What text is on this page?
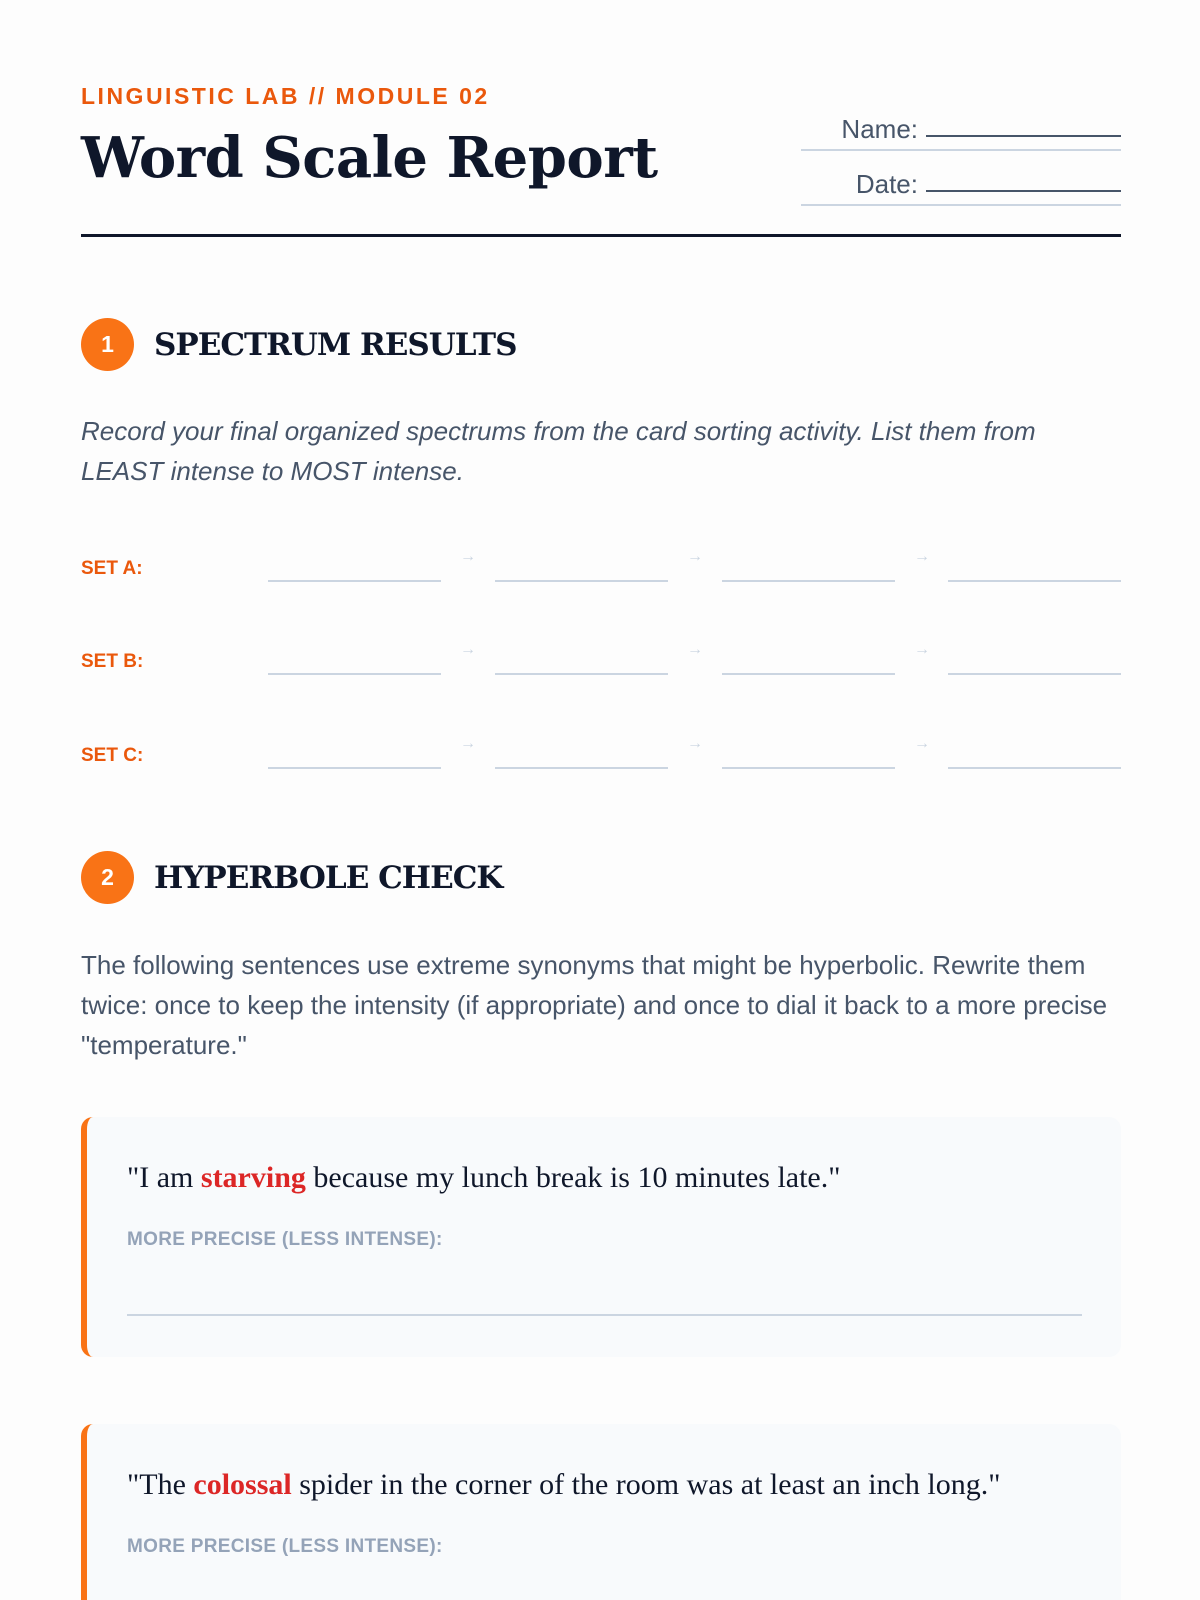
LINGUISTIC LAB // MODULE 02
Word Scale Report	Name:
Date:
1	SPECTRUM RESULTS
Record your final organized spectrums from the card sorting activity. List them from LEAST intense to MOST intense.
SET A:
→	→	→
SET B:
→	→	→
SET C:
→	→	→
2	HYPERBOLE CHECK
The following sentences use extreme synonyms that might be hyperbolic. Rewrite them twice: once to keep the intensity (if appropriate) and once to dial it back to a more precise "temperature."
"I am starving because my lunch break is 10 minutes late."
MORE PRECISE (LESS INTENSE):
"The colossal spider in the corner of the room was at least an inch long."
MORE PRECISE (LESS INTENSE):
